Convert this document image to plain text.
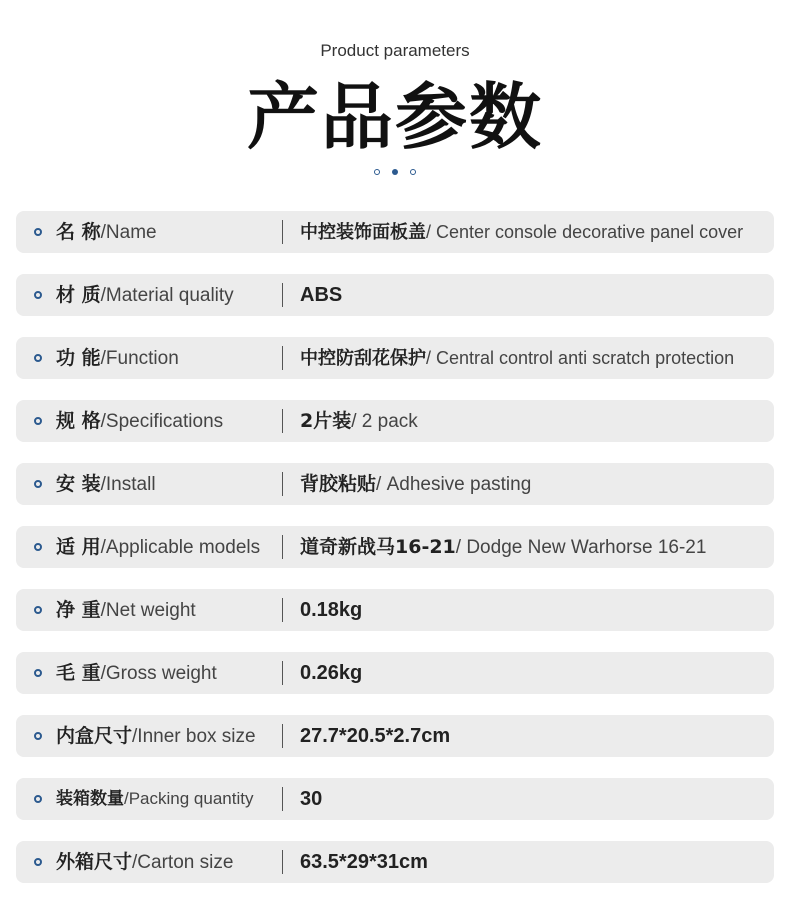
Product parameters
产品参数
名 称/Name	中控装饰面板盖/ Center console decorative panel cover
材 质/Material quality	ABS
功 能/Function	中控防刮花保护/ Central control anti scratch protection
规 格/Specifications	2片装/ 2 pack
安 装/Install	背胶粘贴/ Adhesive pasting
适 用/Applicable models 道奇新战马16-21/ Dodge New Warhorse 16-21
净 重/Net weight	0.18kg
毛 重/Gross weight	0.26kg
内盒尺寸/Inner box size 27.7*20.5*2.7cm
装箱数量/Packing quantity 30
外箱尺寸/Carton size	63.5*29*31cm
